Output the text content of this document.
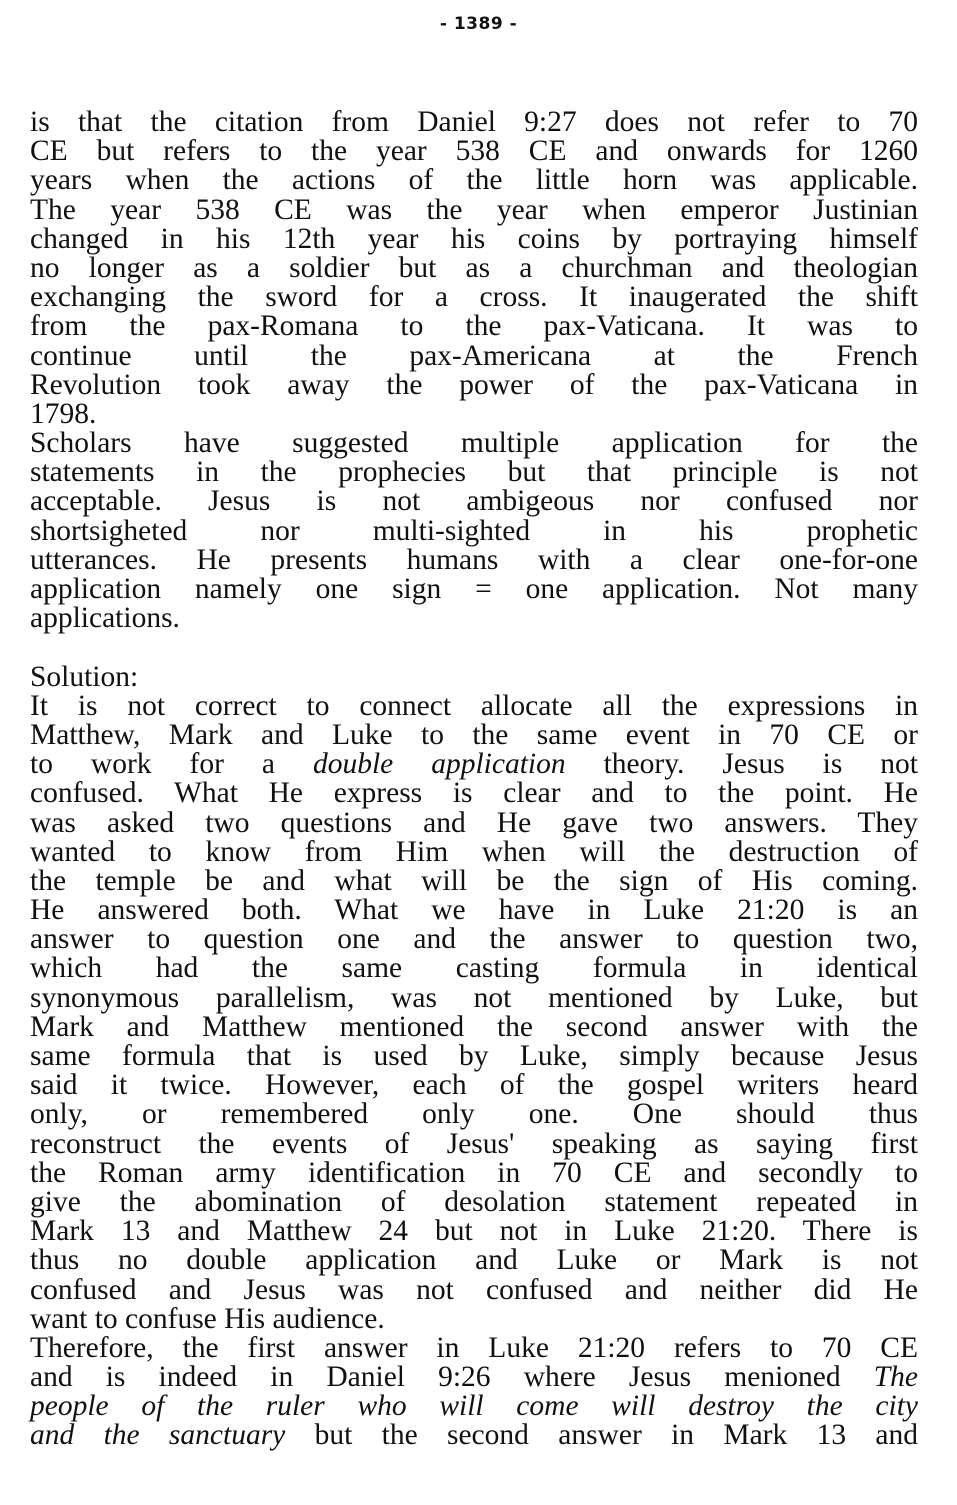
- 1389 -
is that the citation from Daniel 9:27 does not refer to 70
CE but refers to the year 538 CE and onwards for 1260
years when the actions of the little horn was applicable.
The year 538 CE was the year when emperor Justinian
changed in his 12th year his coins by portraying himself
no longer as a soldier but as a churchman and theologian
exchanging the sword for a cross. It inaugerated the shift
from the pax-Romana to the pax-Vaticana. It was to
continue until the pax-Americana at the French
Revolution took away the power of the pax-Vaticana in
1798.
Scholars have suggested multiple application for the
statements in the prophecies but that principle is not
acceptable. Jesus is not ambigeous nor confused nor
shortsigheted nor multi-sighted in his prophetic
utterances. He presents humans with a clear one-for-one
application namely one sign = one application. Not many
applications.
Solution:
It is not correct to connect allocate all the expressions in
Matthew, Mark and Luke to the same event in 70 CE or
to work for a double application theory. Jesus is not
confused. What He express is clear and to the point. He
was asked two questions and He gave two answers. They
wanted to know from Him when will the destruction of
the temple be and what will be the sign of His coming.
He answered both. What we have in Luke 21:20 is an
answer to question one and the answer to question two,
which had the same casting formula in identical
synonymous parallelism, was not mentioned by Luke, but
Mark and Matthew mentioned the second answer with the
same formula that is used by Luke, simply because Jesus
said it twice. However, each of the gospel writers heard
only, or remembered only one. One should thus
reconstruct the events of Jesus' speaking as saying first
the Roman army identification in 70 CE and secondly to
give the abomination of desolation statement repeated in
Mark 13 and Matthew 24 but not in Luke 21:20. There is
thus no double application and Luke or Mark is not
confused and Jesus was not confused and neither did He
want to confuse His audience.
Therefore, the first answer in Luke 21:20 refers to 70 CE
and is indeed in Daniel 9:26 where Jesus menioned The
people of the ruler who will come will destroy the city
and the sanctuary but the second answer in Mark 13 and
